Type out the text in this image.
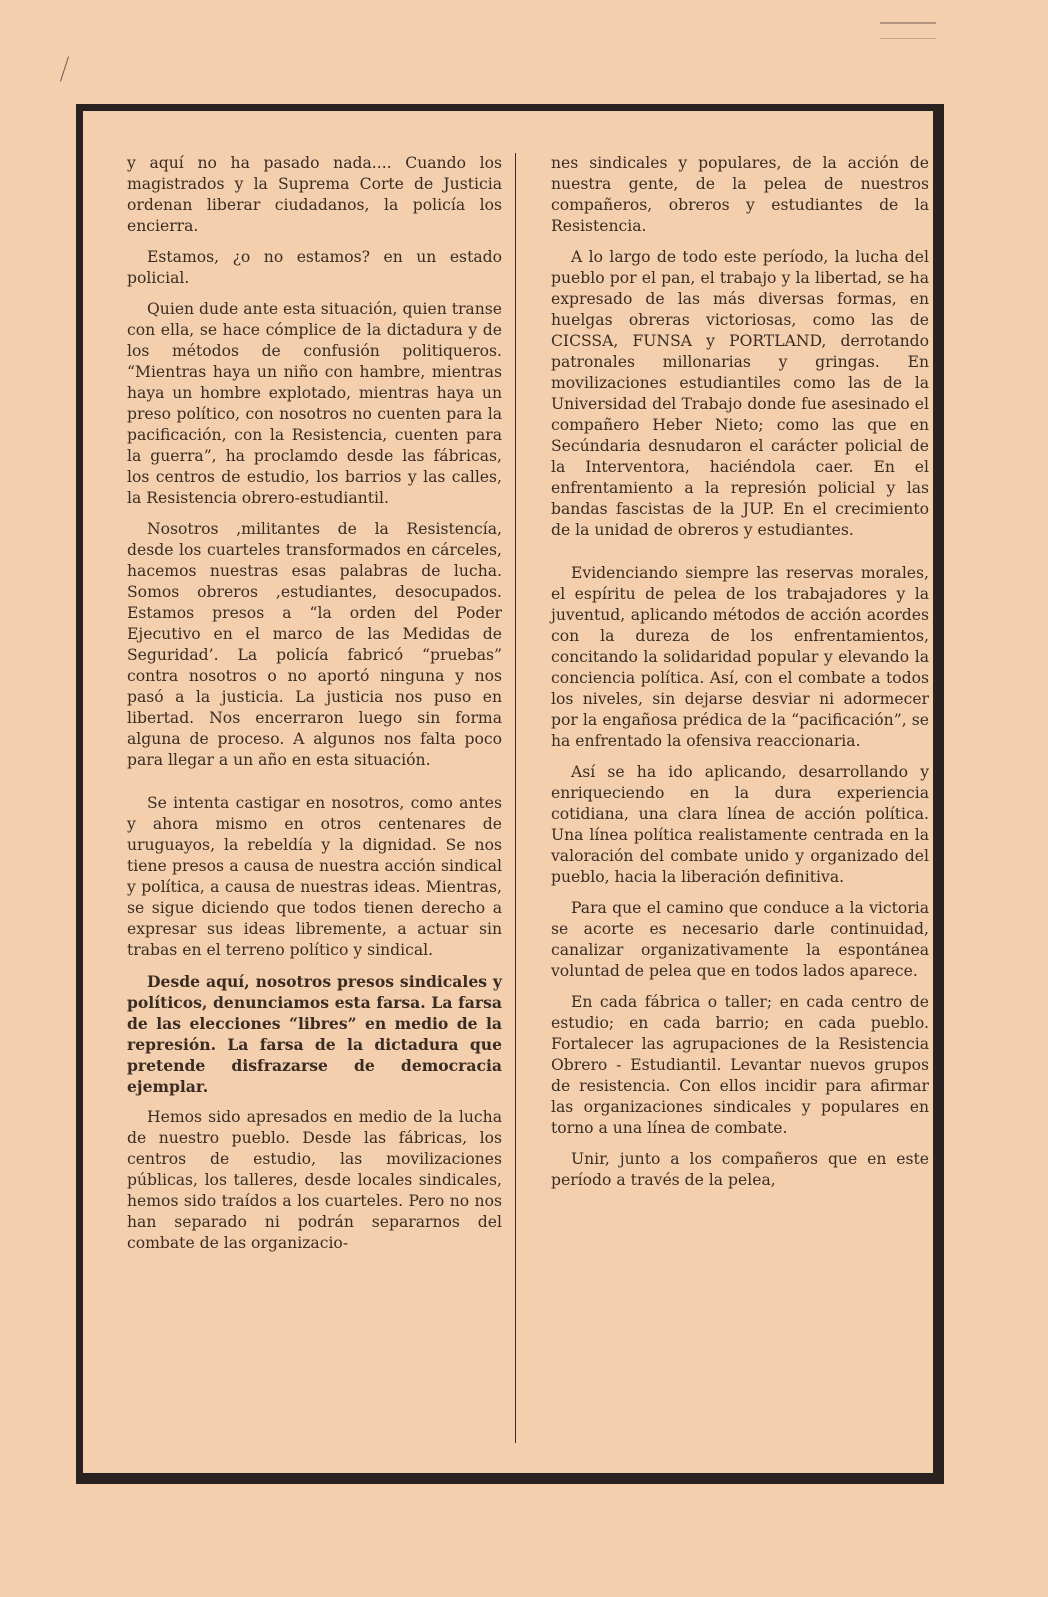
y aquí no ha pasado nada.... Cuando los magistrados y la Suprema Corte de Justicia ordenan liberar ciudadanos, la policía los encierra.

Estamos, ¿o no estamos? en un estado policial.

Quien dude ante esta situación, quien transe con ella, se hace cómplice de la dictadura y de los métodos de confusión politiqueros. “Mientras haya un niño con hambre, mientras haya un hombre explotado, mientras haya un preso político, con nosotros no cuenten para la pacificación, con la Resistencia, cuenten para la guerra”, ha proclamdo desde las fábricas, los centros de estudio, los barrios y las calles, la Resistencia obrero-estudiantil.

Nosotros ,militantes de la Resistencía, desde los cuarteles transformados en cárceles, hacemos nuestras esas palabras de lucha. Somos obreros ,estudiantes, desocupados. Estamos presos a “la orden del Poder Ejecutivo en el marco de las Medidas de Seguridad’. La policía fabricó “pruebas” contra nosotros o no aportó ninguna y nos pasó a la justicia. La justicia nos puso en libertad. Nos encerraron luego sin forma alguna de proceso. A algunos nos falta poco para llegar a un año en esta situación.

Se intenta castigar en nosotros, como antes y ahora mismo en otros centenares de uruguayos, la rebeldía y la dignidad. Se nos tiene presos a causa de nuestra acción sindical y política, a causa de nuestras ideas. Mientras, se sigue diciendo que todos tienen derecho a expresar sus ideas libremente, a actuar sin trabas en el terreno político y sindical.

Desde aquí, nosotros presos sindicales y políticos, denunciamos esta farsa. La farsa de las elecciones “libres” en medio de la represión. La farsa de la dictadura que pretende disfrazarse de democracia ejemplar.

Hemos sido apresados en medio de la lucha de nuestro pueblo. Desde las fábricas, los centros de estudio, las movilizaciones públicas, los talleres, desde locales sindicales, hemos sido traídos a los cuarteles. Pero no nos han separado ni podrán separarnos del combate de las organizacio-

nes sindicales y populares, de la acción de nuestra gente, de la pelea de nuestros compañeros, obreros y estudiantes de la Resistencia.

A lo largo de todo este período, la lucha del pueblo por el pan, el trabajo y la libertad, se ha expresado de las más diversas formas, en huelgas obreras victoriosas, como las de CICSSA, FUNSA y PORTLAND, derrotando patronales millonarias y gringas. En movilizaciones estudiantiles como las de la Universidad del Trabajo donde fue asesinado el compañero Heber Nieto; como las que en Secúndaria desnudaron el carácter policial de la Interventora, haciéndola caer. En el enfrentamiento a la represión policial y las bandas fascistas de la JUP. En el crecimiento de la unidad de obreros y estudiantes.

Evidenciando siempre las reservas morales, el espíritu de pelea de los trabajadores y la juventud, aplicando métodos de acción acordes con la dureza de los enfrentamientos, concitando la solidaridad popular y elevando la conciencia política. Así, con el combate a todos los niveles, sin dejarse desviar ni adormecer por la engañosa prédica de la “pacificación”, se ha enfrentado la ofensiva reaccionaria.

Así se ha ido aplicando, desarrollando y enriqueciendo en la dura experiencia cotidiana, una clara línea de acción política. Una línea política realistamente centrada en la valoración del combate unido y organizado del pueblo, hacia la liberación definitiva.

Para que el camino que conduce a la victoria se acorte es necesario darle continuidad, canalizar organizativamente la espontánea voluntad de pelea que en todos lados aparece.

En cada fábrica o taller; en cada centro de estudio; en cada barrio; en cada pueblo. Fortalecer las agrupaciones de la Resistencia Obrero - Estudiantil. Levantar nuevos grupos de resistencia. Con ellos incidir para afirmar las organizaciones sindicales y populares en torno a una línea de combate.

Unir, junto a los compañeros que en este período a través de la pelea,
